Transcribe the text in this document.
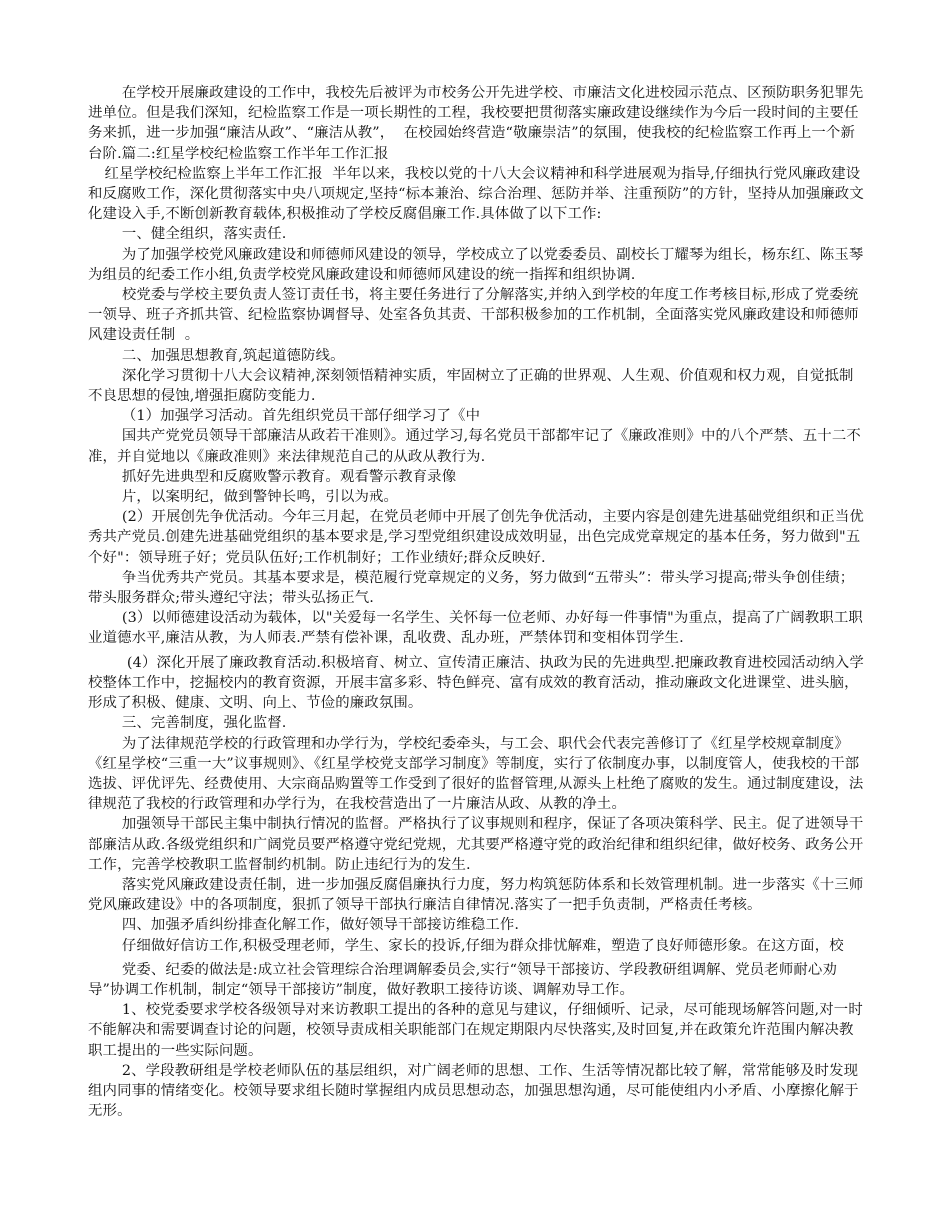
在学校开展廉政建设的工作中，我校先后被评为市校务公开先进学校、市廉洁文化进校园示范点、区预防职务犯罪先进单位。但是我们深知，纪检监察工作是一项长期性的工程，我校要把贯彻落实廉政建设继续作为今后一段时间的主要任务来抓，进一步加强“廉洁从政”、“廉洁从教”，  在校园始终营造“敬廉崇洁”的氛围，使我校的纪检监察工作再上一个新台阶.篇二:红星学校纪检监察工作半年工作汇报

红星学校纪检监察上半年工作汇报  半年以来，我校以党的十八大会议精神和科学进展观为指导,仔细执行党风廉政建设和反腐败工作，深化贯彻落实中央八项规定,坚持“标本兼治、综合治理、惩防并举、注重预防”的方针，坚持从加强廉政文化建设入手,不断创新教育载体,积极推动了学校反腐倡廉工作.具体做了以下工作:

一、健全组织，落实责任.

为了加强学校党风廉政建设和师德师风建设的领导，学校成立了以党委委员、副校长丁耀琴为组长，杨东红、陈玉琴为组员的纪委工作小组,负责学校党风廉政建设和师德师风建设的统一指挥和组织协调.

校党委与学校主要负责人签订责任书，将主要任务进行了分解落实,并纳入到学校的年度工作考核目标,形成了党委统一领导、班子齐抓共管、纪检监察协调督导、处室各负其责、干部积极参加的工作机制，全面落实党风廉政建设和师德师风建设责任制  。

二、加强思想教育,筑起道德防线。

深化学习贯彻十八大会议精神,深刻领悟精神实质，牢固树立了正确的世界观、人生观、价值观和权力观，自觉抵制不良思想的侵蚀,增强拒腐防变能力.

（1）加强学习活动。首先组织党员干部仔细学习了《中

国共产党党员领导干部廉洁从政若干准则》。通过学习,每名党员干部都牢记了《廉政准则》中的八个严禁、五十二不准，并自觉地以《廉政准则》来法律规范自己的从政从教行为.

抓好先进典型和反腐败警示教育。观看警示教育录像

片，以案明纪，做到警钟长鸣，引以为戒。

(2）开展创先争优活动。今年三月起，在党员老师中开展了创先争优活动，主要内容是创建先进基础党组织和正当优秀共产党员.创建先进基础党组织的基本要求是,学习型党组织建设成效明显，出色完成党章规定的基本任务，努力做到"五个好"：领导班子好；党员队伍好;工作机制好；工作业绩好;群众反映好.

争当优秀共产党员。其基本要求是，模范履行党章规定的义务，努力做到“五带头”：带头学习提高;带头争创佳绩；带头服务群众;带头遵纪守法；带头弘扬正气.

(3）以师德建设活动为载体，以"关爱每一名学生、关怀每一位老师、办好每一件事情"为重点，提高了广阔教职工职业道德水平,廉洁从教，为人师表.严禁有偿补课，乱收费、乱办班，严禁体罚和变相体罚学生.

(4）深化开展了廉政教育活动.积极培育、树立、宣传清正廉洁、执政为民的先进典型.把廉政教育进校园活动纳入学校整体工作中，挖掘校内的教育资源，开展丰富多彩、特色鲜亮、富有成效的教育活动，推动廉政文化进课堂、进头脑，形成了积极、健康、文明、向上、节俭的廉政氛围。

三、完善制度，强化监督.

为了法律规范学校的行政管理和办学行为，学校纪委牵头，与工会、职代会代表完善修订了《红星学校规章制度》《红星学校“三重一大”议事规则》、《红星学校党支部学习制度》等制度，实行了依制度办事，以制度管人，使我校的干部选拔、评优评先、经费使用、大宗商品购置等工作受到了很好的监督管理,从源头上杜绝了腐败的发生。通过制度建设，法律规范了我校的行政管理和办学行为，在我校营造出了一片廉洁从政、从教的净土。

加强领导干部民主集中制执行情况的监督。严格执行了议事规则和程序，保证了各项决策科学、民主。促了进领导干部廉洁从政.各级党组织和广阔党员要严格遵守党纪党规，尤其要严格遵守党的政治纪律和组织纪律，做好校务、政务公开工作，完善学校教职工监督制约机制。防止违纪行为的发生.

落实党风廉政建设责任制，进一步加强反腐倡廉执行力度，努力构筑惩防体系和长效管理机制。进一步落实《十三师党风廉政建设》中的各项制度，狠抓了领导干部执行廉洁自律情况.落实了一把手负责制，严格责任考核。

四、加强矛盾纠纷排查化解工作，做好领导干部接访维稳工作.

仔细做好信访工作,积极受理老师，学生、家长的投诉,仔细为群众排忧解难，塑造了良好师德形象。在这方面，校

党委、纪委的做法是:成立社会管理综合治理调解委员会,实行“领导干部接访、学段教研组调解、党员老师耐心劝导”协调工作机制，制定“领导干部接访”制度，做好教职工接待访谈、调解劝导工作。

1、校党委要求学校各级领导对来访教职工提出的各种的意见与建议，仔细倾听、记录，尽可能现场解答问题,对一时不能解决和需要调查讨论的问题，校领导责成相关职能部门在规定期限内尽快落实,及时回复,并在政策允许范围内解决教职工提出的一些实际问题。

2、学段教研组是学校老师队伍的基层组织，对广阔老师的思想、工作、生活等情况都比较了解，常常能够及时发现组内同事的情绪变化。校领导要求组长随时掌握组内成员思想动态，加强思想沟通，尽可能使组内小矛盾、小摩擦化解于无形。
